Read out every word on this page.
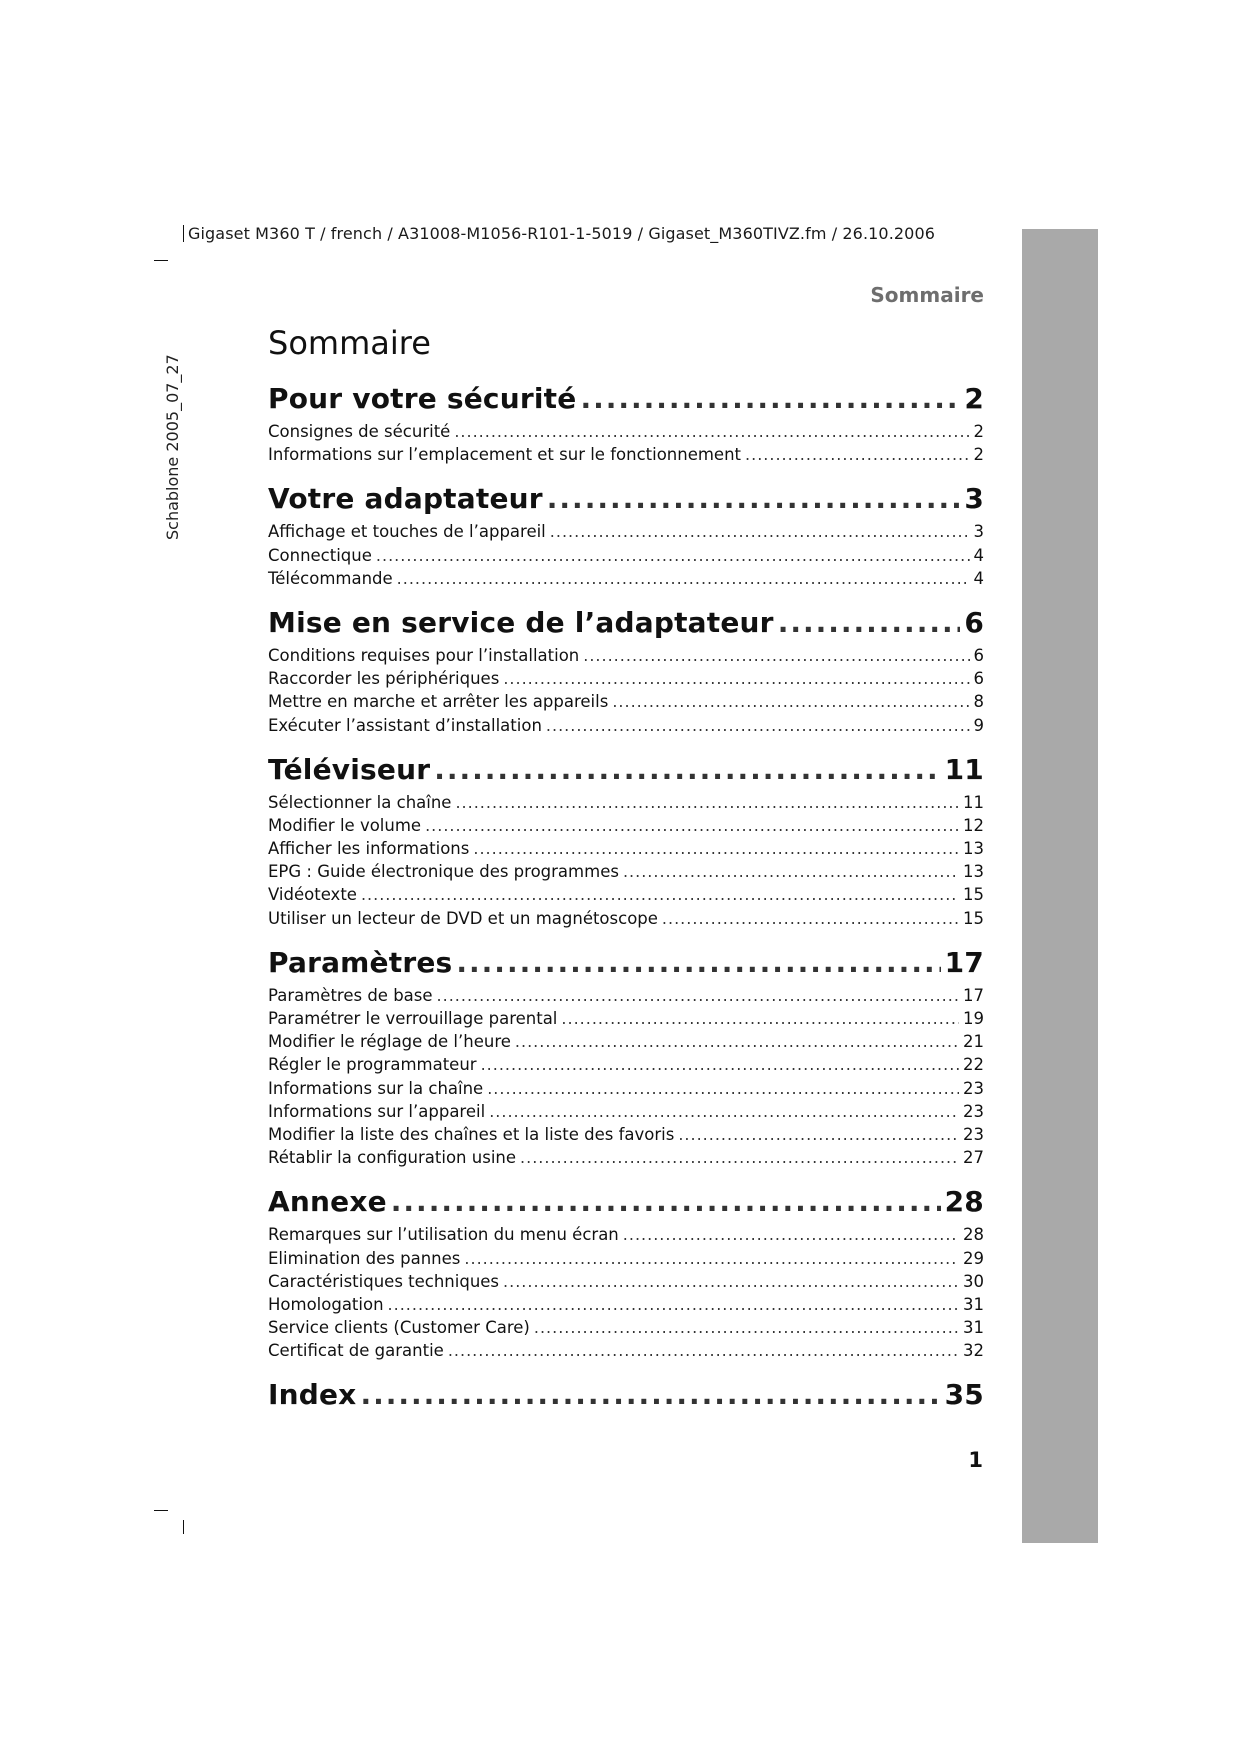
Gigaset M360 T / french / A31008-M1056-R101-1-5019 / Gigaset_M360TIVZ.fm / 26.10.2006
Schablone 2005_07_27
Sommaire
Sommaire
Pour votre sécurité .....	2
Consignes de sécurité .....	2
Informations sur l’emplacement et sur le fonctionnement .....	2
Votre adaptateur .....	3
Affichage et touches de l’appareil .....	3
Connectique .....	4
Télécommande .....	4
Mise en service de l’adaptateur .....	6
Conditions requises pour l’installation .....	6
Raccorder les périphériques .....	6
Mettre en marche et arrêter les appareils .....	8
Exécuter l’assistant d’installation .....	9
Téléviseur .....	11
Sélectionner la chaîne .....	11
Modifier le volume .....	12
Afficher les informations .....	13
EPG : Guide électronique des programmes .....	13
Vidéotexte .....	15
Utiliser un lecteur de DVD et un magnétoscope .....	15
Paramètres .....	17
Paramètres de base .....	17
Paramétrer le verrouillage parental .....	19
Modifier le réglage de l’heure .....	21
Régler le programmateur .....	22
Informations sur la chaîne .....	23
Informations sur l’appareil .....	23
Modifier la liste des chaînes et la liste des favoris .....	23
Rétablir la configuration usine .....	27
Annexe .....	28
Remarques sur l’utilisation du menu écran .....	28
Elimination des pannes .....	29
Caractéristiques techniques .....	30
Homologation .....	31
Service clients (Customer Care) .....	31
Certificat de garantie .....	32
Index .....	35
1
